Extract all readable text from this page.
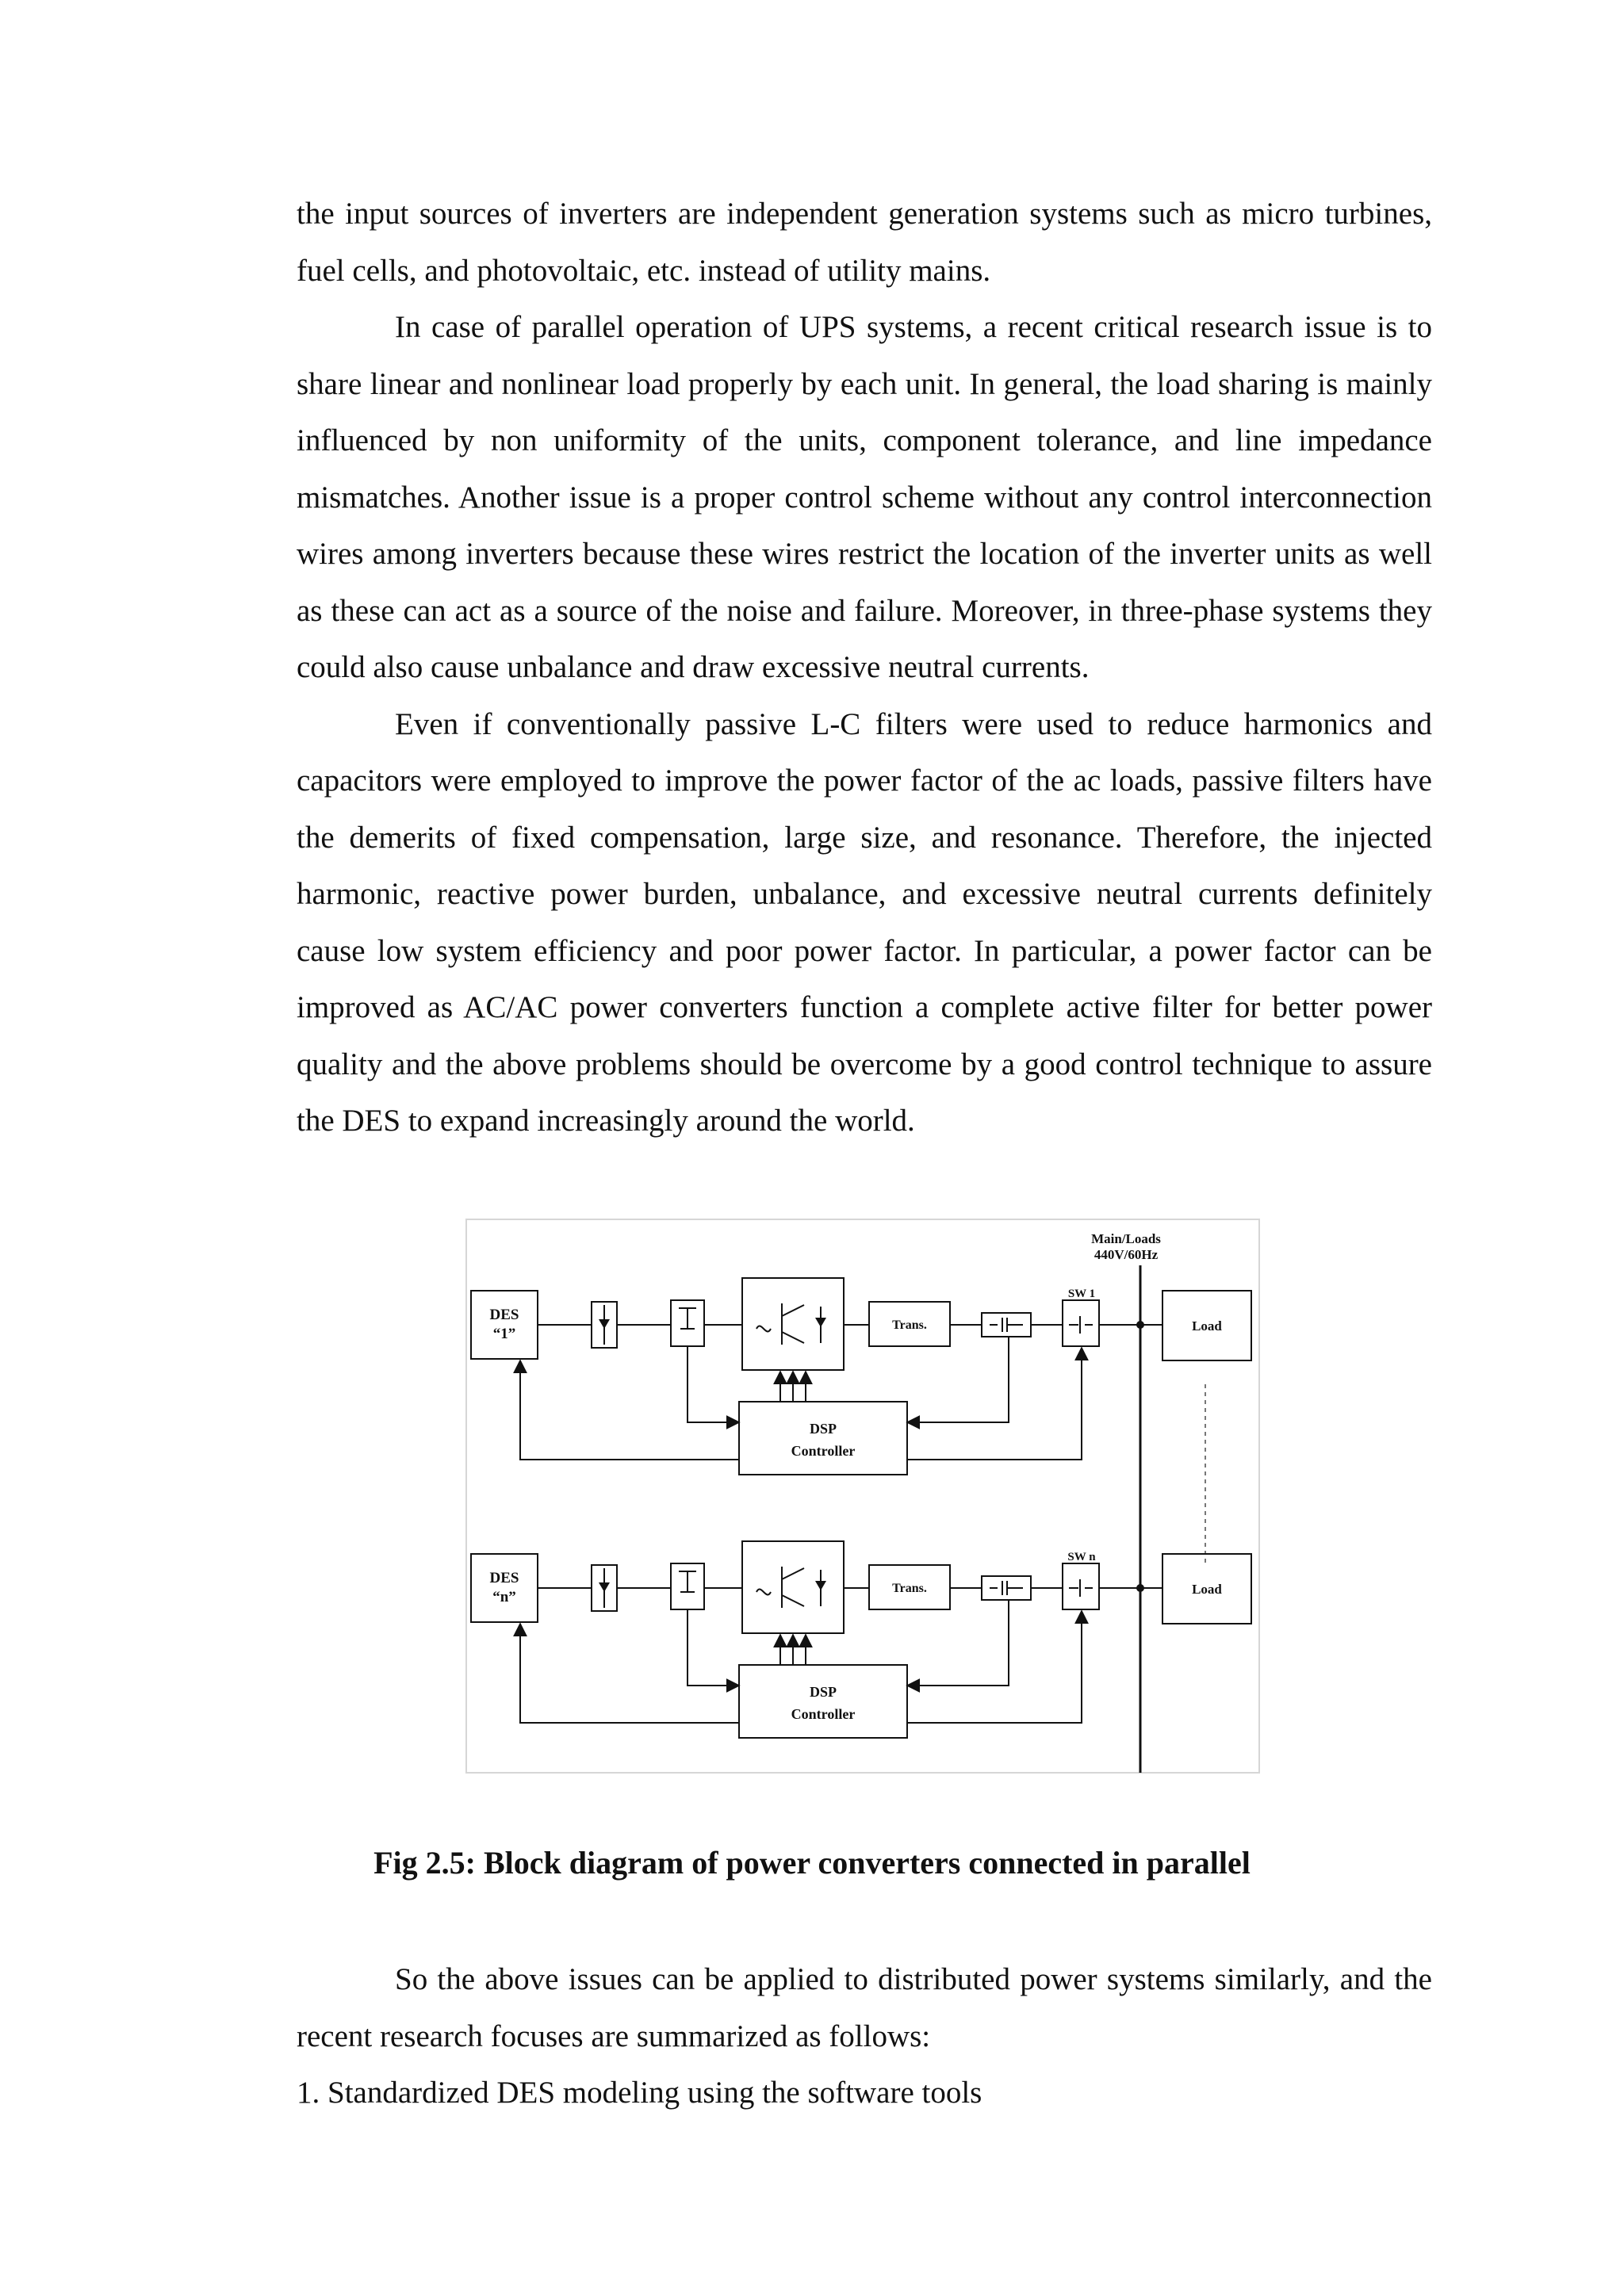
the input sources of inverters are independent generation systems such as micro turbines, fuel cells, and photovoltaic, etc. instead of utility mains.

In case of parallel operation of UPS systems, a recent critical research issue is to share linear and nonlinear load properly by each unit. In general, the load sharing is mainly influenced by non uniformity of the units, component tolerance, and line impedance mismatches. Another issue is a proper control scheme without any control interconnection wires among inverters because these wires restrict the location of the inverter units as well as these can act as a source of the noise and failure. Moreover, in three-phase systems they could also cause unbalance and draw excessive neutral currents.

Even if conventionally passive L-C filters were used to reduce harmonics and capacitors were employed to improve the power factor of the ac loads, passive filters have the demerits of fixed compensation, large size, and resonance. Therefore, the injected harmonic, reactive power burden, unbalance, and excessive neutral currents definitely cause low system efficiency and poor power factor. In particular, a power factor can be improved as AC/AC power converters function a complete active filter for better power quality and the above problems should be overcome by a good control technique to assure the DES to expand increasingly around the world.

Main/Loads
440V/60Hz
DES
“1”
Trans.
SW 1
Load
DSP
Controller
DES
“n”
Trans.
SW n
Load
DSP
Controller
Fig 2.5: Block diagram of power converters connected in parallel

So the above issues can be applied to distributed power systems similarly, and the recent research focuses are summarized as follows:

1. Standardized DES modeling using the software tools
